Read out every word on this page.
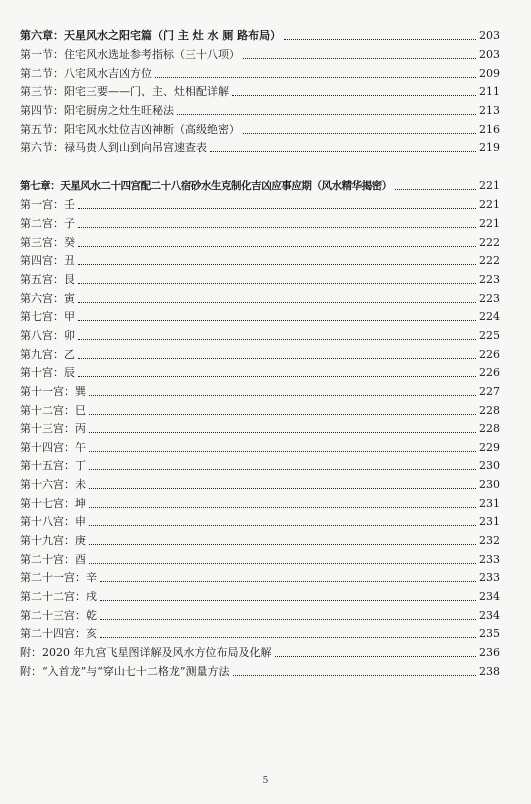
第六章：天星风水之阳宅篇（门 主 灶 水 厕 路布局）	203
第一节：住宅风水选址参考指标（三十八项）	203
第二节：八宅风水吉凶方位	209
第三节：阳宅三要——门、主、灶相配详解	211
第四节：阳宅厨房之灶生旺秘法	213
第五节：阳宅风水灶位吉凶神断（高级绝密）	216
第六节：禄马贵人到山到向吊宫速查表	219
第七章：天星风水二十四宫配二十八宿砂水生克制化吉凶应事应期（风水精华揭密）	221
第一宫：壬	221
第二宫：子	221
第三宫：癸	222
第四宫：丑	222
第五宫：艮	223
第六宫：寅	223
第七宫：甲	224
第八宫：卯	225
第九宫：乙	226
第十宫：辰	226
第十一宫：巽	227
第十二宫：巳	228
第十三宫：丙	228
第十四宫：午	229
第十五宫：丁	230
第十六宫：未	230
第十七宫：坤	231
第十八宫：申	231
第十九宫：庚	232
第二十宫：酉	233
第二十一宫：辛	233
第二十二宫：戌	234
第二十三宫：乾	234
第二十四宫：亥	235
附：2020 年九宫飞星图详解及风水方位布局及化解	236
附：“入首龙”与“穿山七十二格龙”测量方法	238
5
